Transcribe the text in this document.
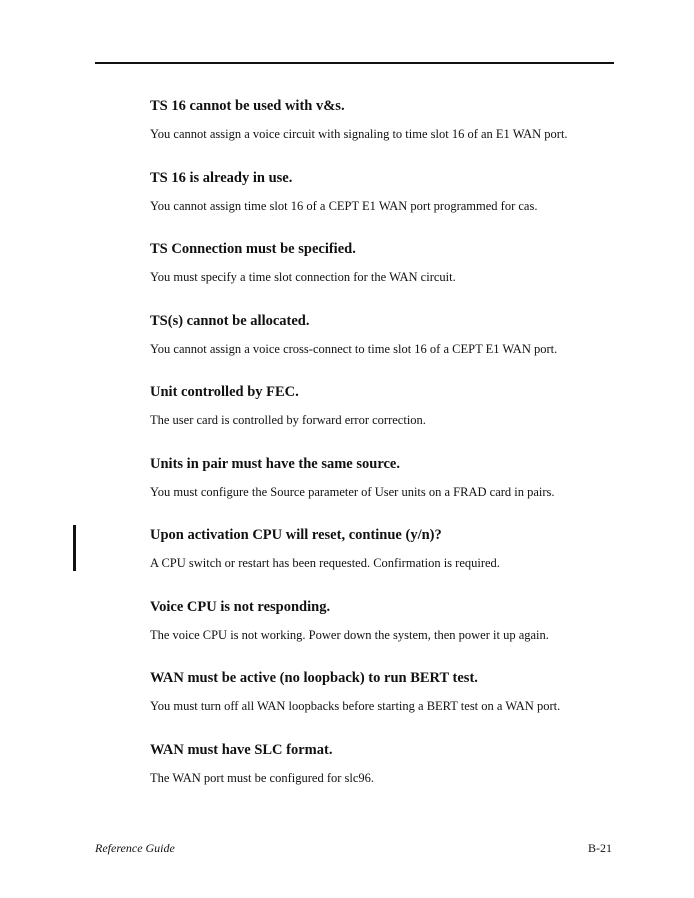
TS 16 cannot be used with v&s.

You cannot assign a voice circuit with signaling to time slot 16 of an E1 WAN port.

TS 16 is already in use.

You cannot assign time slot 16 of a CEPT E1 WAN port programmed for cas.

TS Connection must be specified.

You must specify a time slot connection for the WAN circuit.

TS(s) cannot be allocated.

You cannot assign a voice cross-connect to time slot 16 of a CEPT E1 WAN port.

Unit controlled by FEC.

The user card is controlled by forward error correction.

Units in pair must have the same source.

You must configure the Source parameter of User units on a FRAD card in pairs.

Upon activation CPU will reset, continue (y/n)?

A CPU switch or restart has been requested. Confirmation is required.

Voice CPU is not responding.

The voice CPU is not working. Power down the system, then power it up again.

WAN must be active (no loopback) to run BERT test.

You must turn off all WAN loopbacks before starting a BERT test on a WAN port.

WAN must have SLC format.

The WAN port must be configured for slc96.

Reference Guide	B-21
